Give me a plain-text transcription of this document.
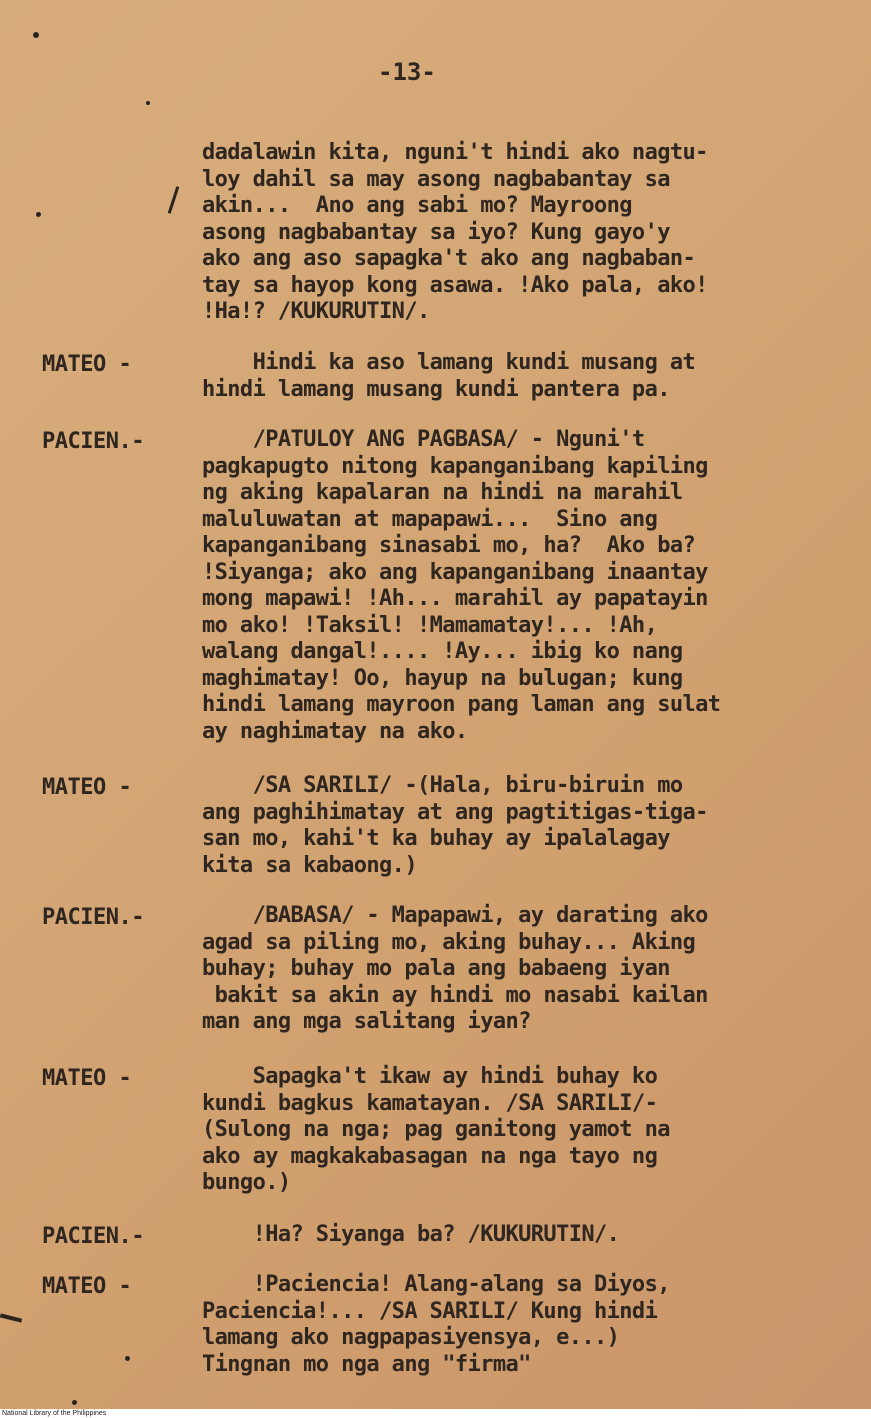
-13-
dadalawin kita, nguni't hindi ako nagtu-
loy dahil sa may asong nagbabantay sa
akin...  Ano ang sabi mo? Mayroong
asong nagbabantay sa iyo? Kung gayo'y
ako ang aso sapagka't ako ang nagbaban-
tay sa hayop kong asawa. !Ako pala, ako!
!Ha!? /KUKURUTIN/.
MATEO -	Hindi ka aso lamang kundi musang at
hindi lamang musang kundi pantera pa.
PACIEN.-	/PATULOY ANG PAGBASA/ - Nguni't
pagkapugto nitong kapanganibang kapiling
ng aking kapalaran na hindi na marahil
maluluwatan at mapapawi...  Sino ang
kapanganibang sinasabi mo, ha?  Ako ba?
!Siyanga; ako ang kapanganibang inaantay
mong mapawi! !Ah... marahil ay papatayin
mo ako! !Taksil! !Mamamatay!... !Ah,
walang dangal!.... !Ay... ibig ko nang
maghimatay! Oo, hayup na bulugan; kung
hindi lamang mayroon pang laman ang sulat
ay naghimatay na ako.
MATEO -	/SA SARILI/ -(Hala, biru-biruin mo
ang paghihimatay at ang pagtitigas-tiga-
san mo, kahi't ka buhay ay ipalalagay
kita sa kabaong.)
PACIEN.-	/BABASA/ - Mapapawi, ay darating ako
agad sa piling mo, aking buhay... Aking
buhay; buhay mo pala ang babaeng iyan
bakit sa akin ay hindi mo nasabi kailan
man ang mga salitang iyan?
MATEO -	Sapagka't ikaw ay hindi buhay ko
kundi bagkus kamatayan. /SA SARILI/-
(Sulong na nga; pag ganitong yamot na
ako ay magkakabasagan na nga tayo ng
bungo.)
PACIEN.-	!Ha? Siyanga ba? /KUKURUTIN/.
MATEO -	!Paciencia! Alang-alang sa Diyos,
Paciencia!... /SA SARILI/ Kung hindi
lamang ako nagpapasiyensya, e...)
Tingnan mo nga ang "firma"
National Library of the Philippines
